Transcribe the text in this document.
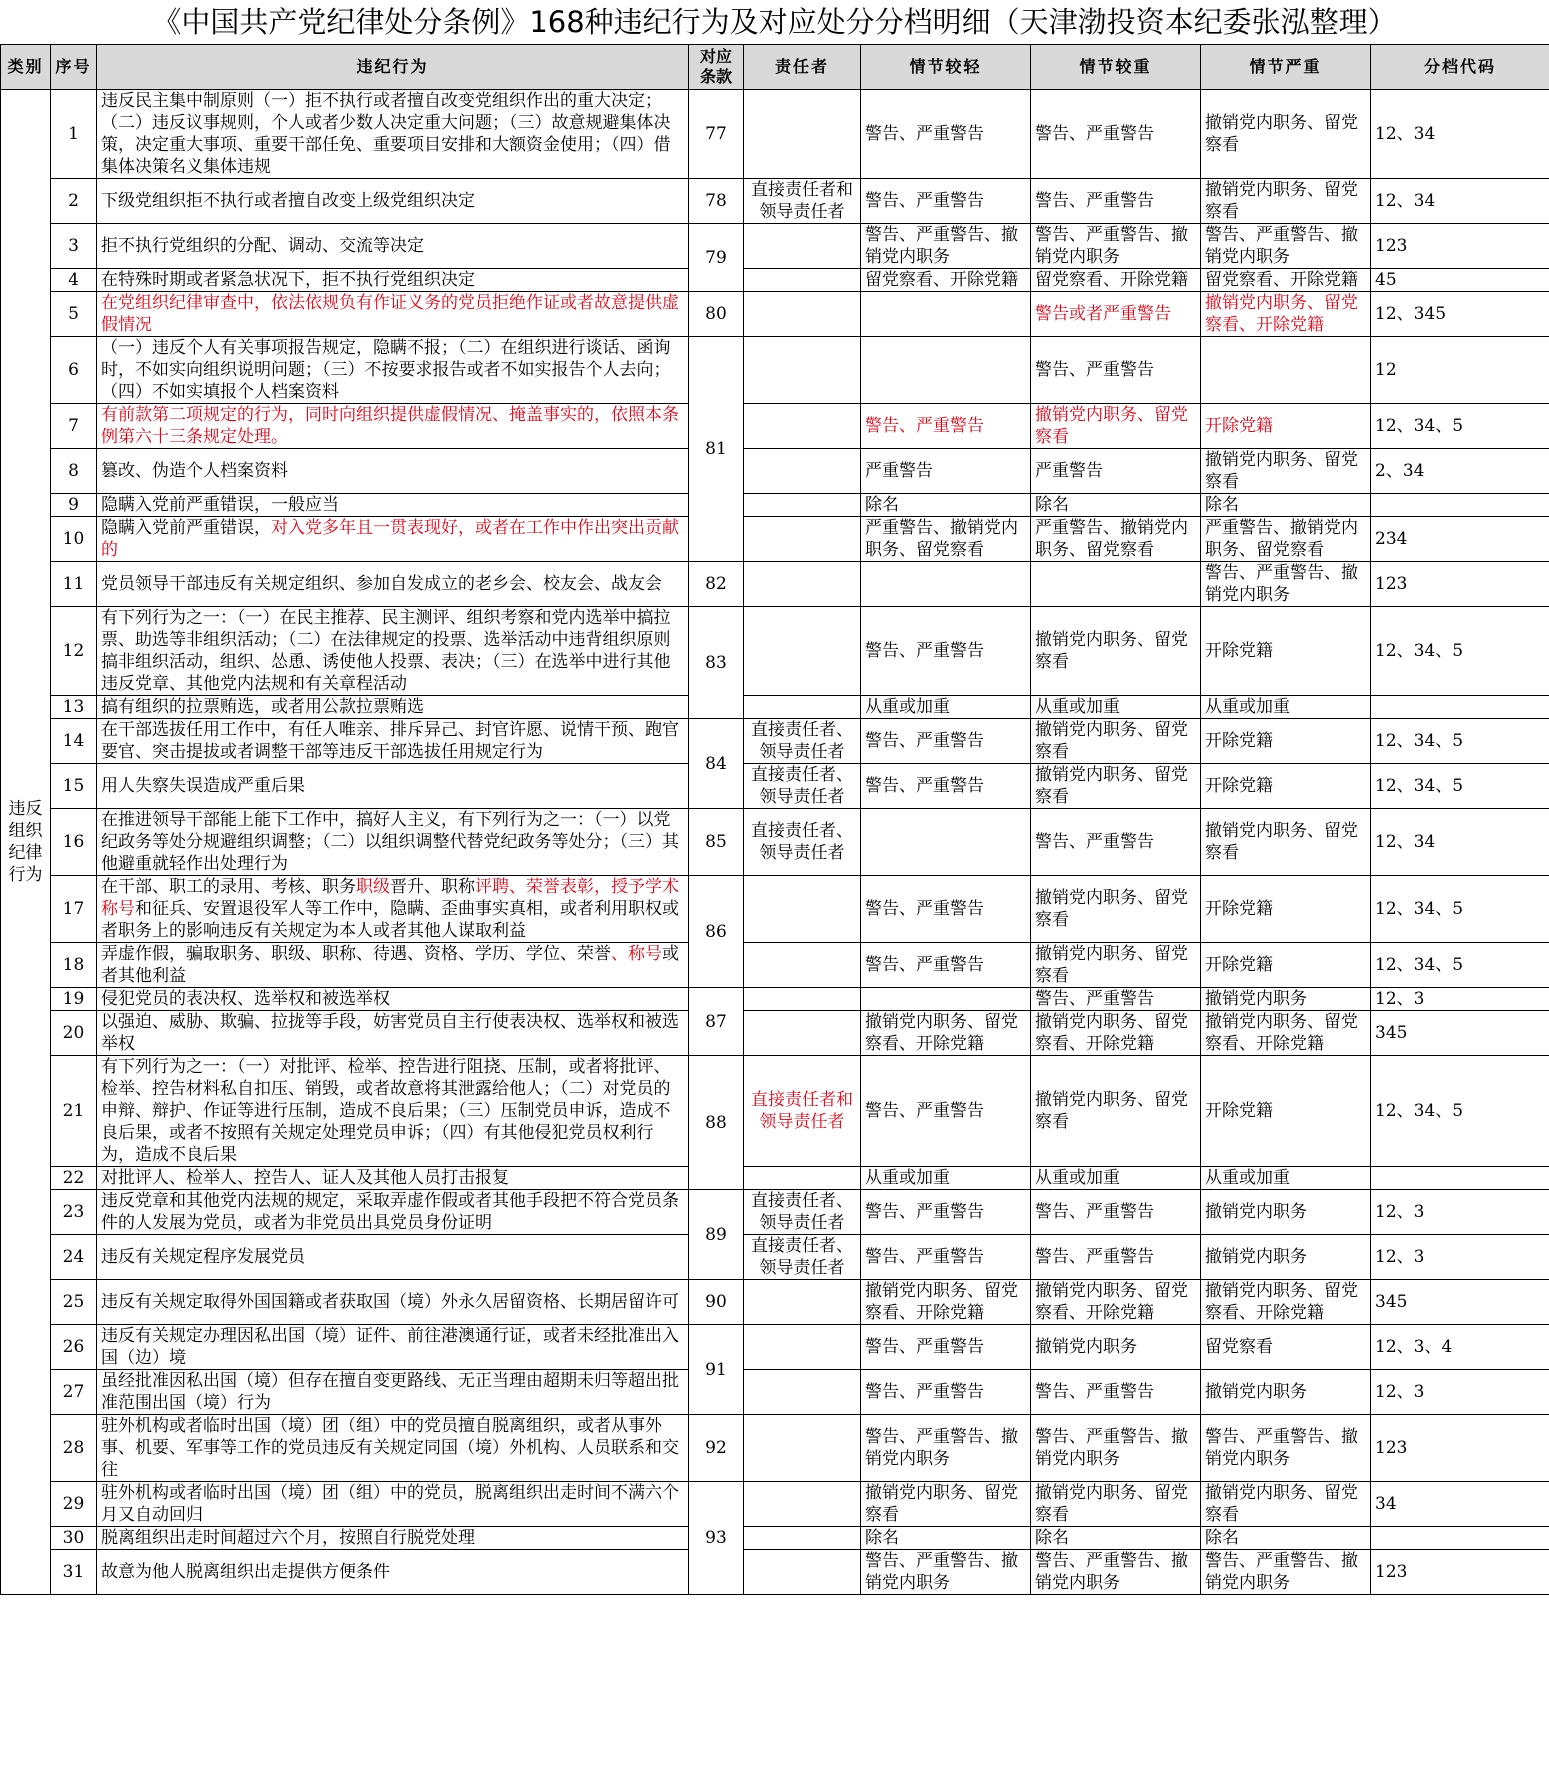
《中国共产党纪律处分条例》168种违纪行为及对应处分分档明细（天津渤投资本纪委张泓整理）
类别	序号	违纪行为	对应条款	责任者	情节较轻	情节较重	情节严重	分档代码

违反组织纪律行为	1	违反民主集中制原则（一）拒不执行或者擅自改变党组织作出的重大决定；（二）违反议事规则，个人或者少数人决定重大问题；（三）故意规避集体决策，决定重大事项、重要干部任免、重要项目安排和大额资金使用；（四）借集体决策名义集体违规	77		警告、严重警告	警告、严重警告	撤销党内职务、留党察看	12、34
	2	下级党组织拒不执行或者擅自改变上级党组织决定	78	直接责任者和领导责任者	警告、严重警告	警告、严重警告	撤销党内职务、留党察看	12、34
	3	拒不执行党组织的分配、调动、交流等决定	79		警告、严重警告、撤销党内职务	警告、严重警告、撤销党内职务	警告、严重警告、撤销党内职务	123
	4	在特殊时期或者紧急状况下，拒不执行党组织决定			留党察看、开除党籍	留党察看、开除党籍	留党察看、开除党籍	45
	5	在党组织纪律审查中，依法依规负有作证义务的党员拒绝作证或者故意提供虚假情况	80			警告或者严重警告	撤销党内职务、留党察看、开除党籍	12、345
	6	（一）违反个人有关事项报告规定，隐瞒不报；（二）在组织进行谈话、函询时，不如实向组织说明问题；（三）不按要求报告或者不如实报告个人去向；（四）不如实填报个人档案资料	81			警告、严重警告		12
	7	有前款第二项规定的行为，同时向组织提供虚假情况、掩盖事实的，依照本条例第六十三条规定处理。			警告、严重警告	撤销党内职务、留党察看	开除党籍	12、34、5
	8	篡改、伪造个人档案资料			严重警告	严重警告	撤销党内职务、留党察看	2、34
	9	隐瞒入党前严重错误，一般应当			除名	除名	除名	
	10	隐瞒入党前严重错误，对入党多年且一贯表现好，或者在工作中作出突出贡献的			严重警告、撤销党内职务、留党察看	严重警告、撤销党内职务、留党察看	严重警告、撤销党内职务、留党察看	234
	11	党员领导干部违反有关规定组织、参加自发成立的老乡会、校友会、战友会	82				警告、严重警告、撤销党内职务	123
	12	有下列行为之一：（一）在民主推荐、民主测评、组织考察和党内选举中搞拉票、助选等非组织活动；（二）在法律规定的投票、选举活动中违背组织原则搞非组织活动，组织、怂恿、诱使他人投票、表决；（三）在选举中进行其他违反党章、其他党内法规和有关章程活动	83		警告、严重警告	撤销党内职务、留党察看	开除党籍	12、34、5
	13	搞有组织的拉票贿选，或者用公款拉票贿选			从重或加重	从重或加重	从重或加重	
	14	在干部选拔任用工作中，有任人唯亲、排斥异己、封官许愿、说情干预、跑官要官、突击提拔或者调整干部等违反干部选拔任用规定行为	84	直接责任者、领导责任者	警告、严重警告	撤销党内职务、留党察看	开除党籍	12、34、5
	15	用人失察失误造成严重后果		直接责任者、领导责任者	警告、严重警告	撤销党内职务、留党察看	开除党籍	12、34、5
	16	在推进领导干部能上能下工作中，搞好人主义，有下列行为之一：（一）以党纪政务等处分规避组织调整；（二）以组织调整代替党纪政务等处分；（三）其他避重就轻作出处理行为	85	直接责任者、领导责任者		警告、严重警告	撤销党内职务、留党察看	12、34
	17	在干部、职工的录用、考核、职务职级晋升、职称评聘、荣誉表彰，授予学术称号和征兵、安置退役军人等工作中，隐瞒、歪曲事实真相，或者利用职权或者职务上的影响违反有关规定为本人或者其他人谋取利益	86		警告、严重警告	撤销党内职务、留党察看	开除党籍	12、34、5
	18	弄虚作假，骗取职务、职级、职称、待遇、资格、学历、学位、荣誉、称号或者其他利益			警告、严重警告	撤销党内职务、留党察看	开除党籍	12、34、5
	19	侵犯党员的表决权、选举权和被选举权	87			警告、严重警告	撤销党内职务	12、3
	20	以强迫、威胁、欺骗、拉拢等手段，妨害党员自主行使表决权、选举权和被选举权			撤销党内职务、留党察看、开除党籍	撤销党内职务、留党察看、开除党籍	撤销党内职务、留党察看、开除党籍	345
	21	有下列行为之一：（一）对批评、检举、控告进行阻挠、压制，或者将批评、检举、控告材料私自扣压、销毁，或者故意将其泄露给他人；（二）对党员的申辩、辩护、作证等进行压制，造成不良后果；（三）压制党员申诉，造成不良后果，或者不按照有关规定处理党员申诉；（四）有其他侵犯党员权利行为，造成不良后果	88	直接责任者和领导责任者	警告、严重警告	撤销党内职务、留党察看	开除党籍	12、34、5
	22	对批评人、检举人、控告人、证人及其他人员打击报复			从重或加重	从重或加重	从重或加重	
	23	违反党章和其他党内法规的规定，采取弄虚作假或者其他手段把不符合党员条件的人发展为党员，或者为非党员出具党员身份证明	89	直接责任者、领导责任者	警告、严重警告	警告、严重警告	撤销党内职务	12、3
	24	违反有关规定程序发展党员		直接责任者、领导责任者	警告、严重警告	警告、严重警告	撤销党内职务	12、3
	25	违反有关规定取得外国国籍或者获取国（境）外永久居留资格、长期居留许可	90		撤销党内职务、留党察看、开除党籍	撤销党内职务、留党察看、开除党籍	撤销党内职务、留党察看、开除党籍	345
	26	违反有关规定办理因私出国（境）证件、前往港澳通行证，或者未经批准出入国（边）境	91		警告、严重警告	撤销党内职务	留党察看	12、3、4
	27	虽经批准因私出国（境）但存在擅自变更路线、无正当理由超期未归等超出批准范围出国（境）行为			警告、严重警告	警告、严重警告	撤销党内职务	12、3
	28	驻外机构或者临时出国（境）团（组）中的党员擅自脱离组织，或者从事外事、机要、军事等工作的党员违反有关规定同国（境）外机构、人员联系和交往	92		警告、严重警告、撤销党内职务	警告、严重警告、撤销党内职务	警告、严重警告、撤销党内职务	123
	29	驻外机构或者临时出国（境）团（组）中的党员，脱离组织出走时间不满六个月又自动回归	93		撤销党内职务、留党察看	撤销党内职务、留党察看	撤销党内职务、留党察看	34
	30	脱离组织出走时间超过六个月，按照自行脱党处理			除名	除名	除名	
	31	故意为他人脱离组织出走提供方便条件			警告、严重警告、撤销党内职务	警告、严重警告、撤销党内职务	警告、严重警告、撤销党内职务	123
